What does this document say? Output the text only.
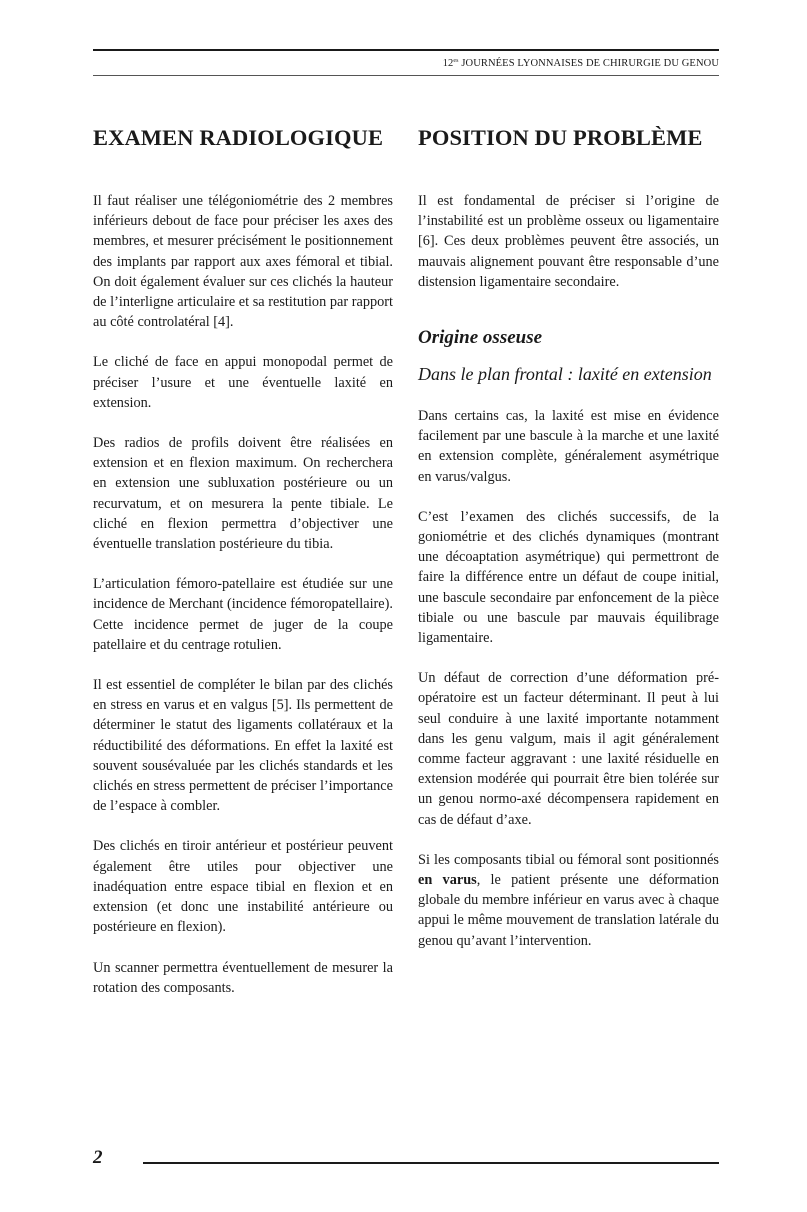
$12^{es}$ JOURNÉES LYONNAISES DE CHIRURGIE DU GENOU
EXAMEN RADIOLOGIQUE

Il faut réaliser une télégoniométrie des 2 membres inférieurs debout de face pour préciser les axes des membres, et mesurer précisément le positionnement des implants par rapport aux axes fémoral et tibial. On doit également évaluer sur ces clichés la hauteur de l’interligne articulaire et sa restitution par rapport au côté controlatéral [4].

Le cliché de face en appui monopodal permet de préciser l’usure et une éventuelle laxité en extension.

Des radios de profils doivent être réalisées en extension et en flexion maximum. On recherchera en extension une subluxation postérieure ou un recurvatum, et on mesurera la pente tibiale. Le cliché en flexion permettra d’objectiver une éventuelle translation postérieure du tibia.

L’articulation fémoro-patellaire est étudiée sur une incidence de Merchant (incidence fémoropatellaire). Cette incidence permet de juger de la coupe patellaire et du centrage rotulien.

Il est essentiel de compléter le bilan par des clichés en stress en varus et en valgus [5]. Ils permettent de déterminer le statut des ligaments collatéraux et la réductibilité des déformations. En effet la laxité est souvent sousévaluée par les clichés standards et les clichés en stress permettent de préciser l’importance de l’espace à combler.

Des clichés en tiroir antérieur et postérieur peuvent également être utiles pour objectiver une inadéquation entre espace tibial en flexion et en extension (et donc une instabilité antérieure ou postérieure en flexion).

Un scanner permettra éventuellement de mesurer la rotation des composants.

POSITION DU PROBLÈME

Il est fondamental de préciser si l’origine de l’instabilité est un problème osseux ou ligamentaire [6]. Ces deux problèmes peuvent être associés, un mauvais alignement pouvant être responsable d’une distension ligamentaire secondaire.

Origine osseuse
Dans le plan frontal : laxité en extension

Dans certains cas, la laxité est mise en évidence facilement par une bascule à la marche et une laxité en extension complète, généralement asymétrique en varus/valgus.

C’est l’examen des clichés successifs, de la goniométrie et des clichés dynamiques (montrant une décoaptation asymétrique) qui permettront de faire la différence entre un défaut de coupe initial, une bascule secondaire par enfoncement de la pièce tibiale ou une bascule par mauvais équilibrage ligamentaire.

Un défaut de correction d’une déformation préopératoire est un facteur déterminant. Il peut à lui seul conduire à une laxité importante notamment dans les genu valgum, mais il agit généralement comme facteur aggravant : une laxité résiduelle en extension modérée qui pourrait être bien tolérée sur un genou normo-axé décompensera rapidement en cas de défaut d’axe.

Si les composants tibial ou fémoral sont positionnés en varus, le patient présente une déformation globale du membre inférieur en varus avec à chaque appui le même mouvement de translation latérale du genou qu’avant l’intervention.

2
